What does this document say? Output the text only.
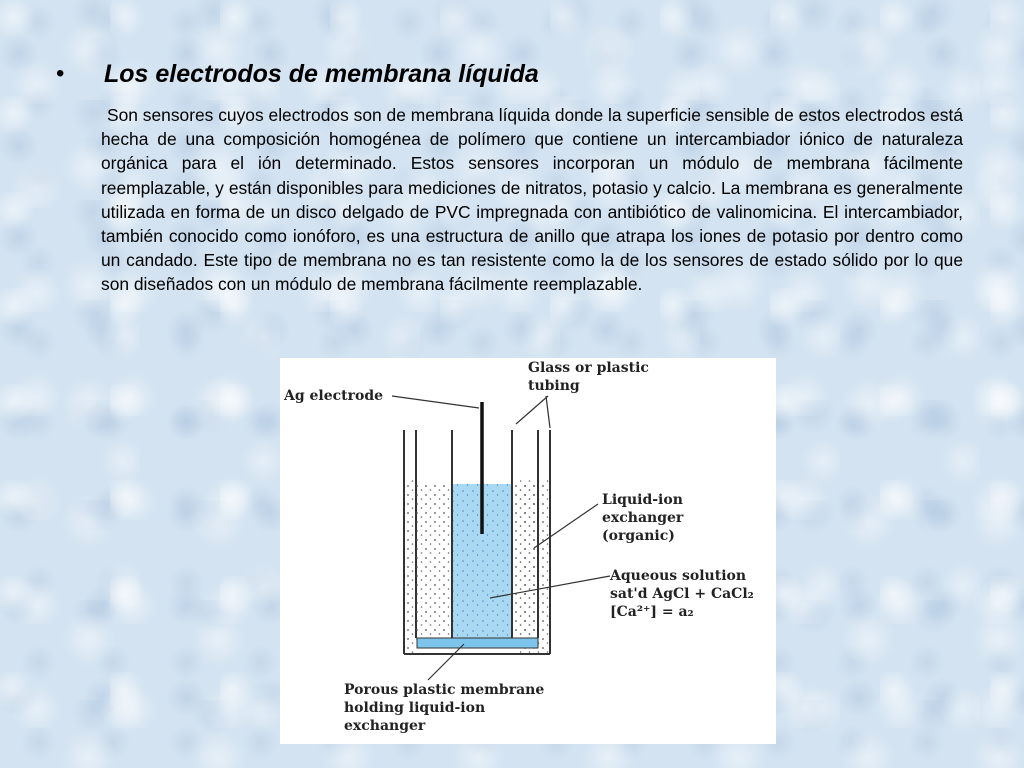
•	Los electrodos de membrana líquida

Son sensores cuyos electrodos son de membrana líquida donde la superficie sensible de estos electrodos está hecha de una composición homogénea de polímero que contiene un intercambiador iónico de naturaleza orgánica para el ión determinado. Estos sensores incorporan un módulo de membrana fácilmente reemplazable, y están disponibles para mediciones de nitratos, potasio y calcio. La membrana es generalmente utilizada en forma de un disco delgado de PVC impregnada con antibiótico de valinomicina. El intercambiador, también conocido como ionóforo, es una estructura de anillo que atrapa los iones de potasio por dentro como un candado. Este tipo de membrana no es tan resistente como la de los sensores de estado sólido por lo que son diseñados con un módulo de membrana fácilmente reemplazable.

Ag electrode
Glass or plastic
tubing
Liquid-ion
exchanger
(organic)
Aqueous solution
sat'd AgCl + CaCl₂
[Ca²⁺] = a₂
Porous plastic membrane
holding liquid-ion
exchanger
